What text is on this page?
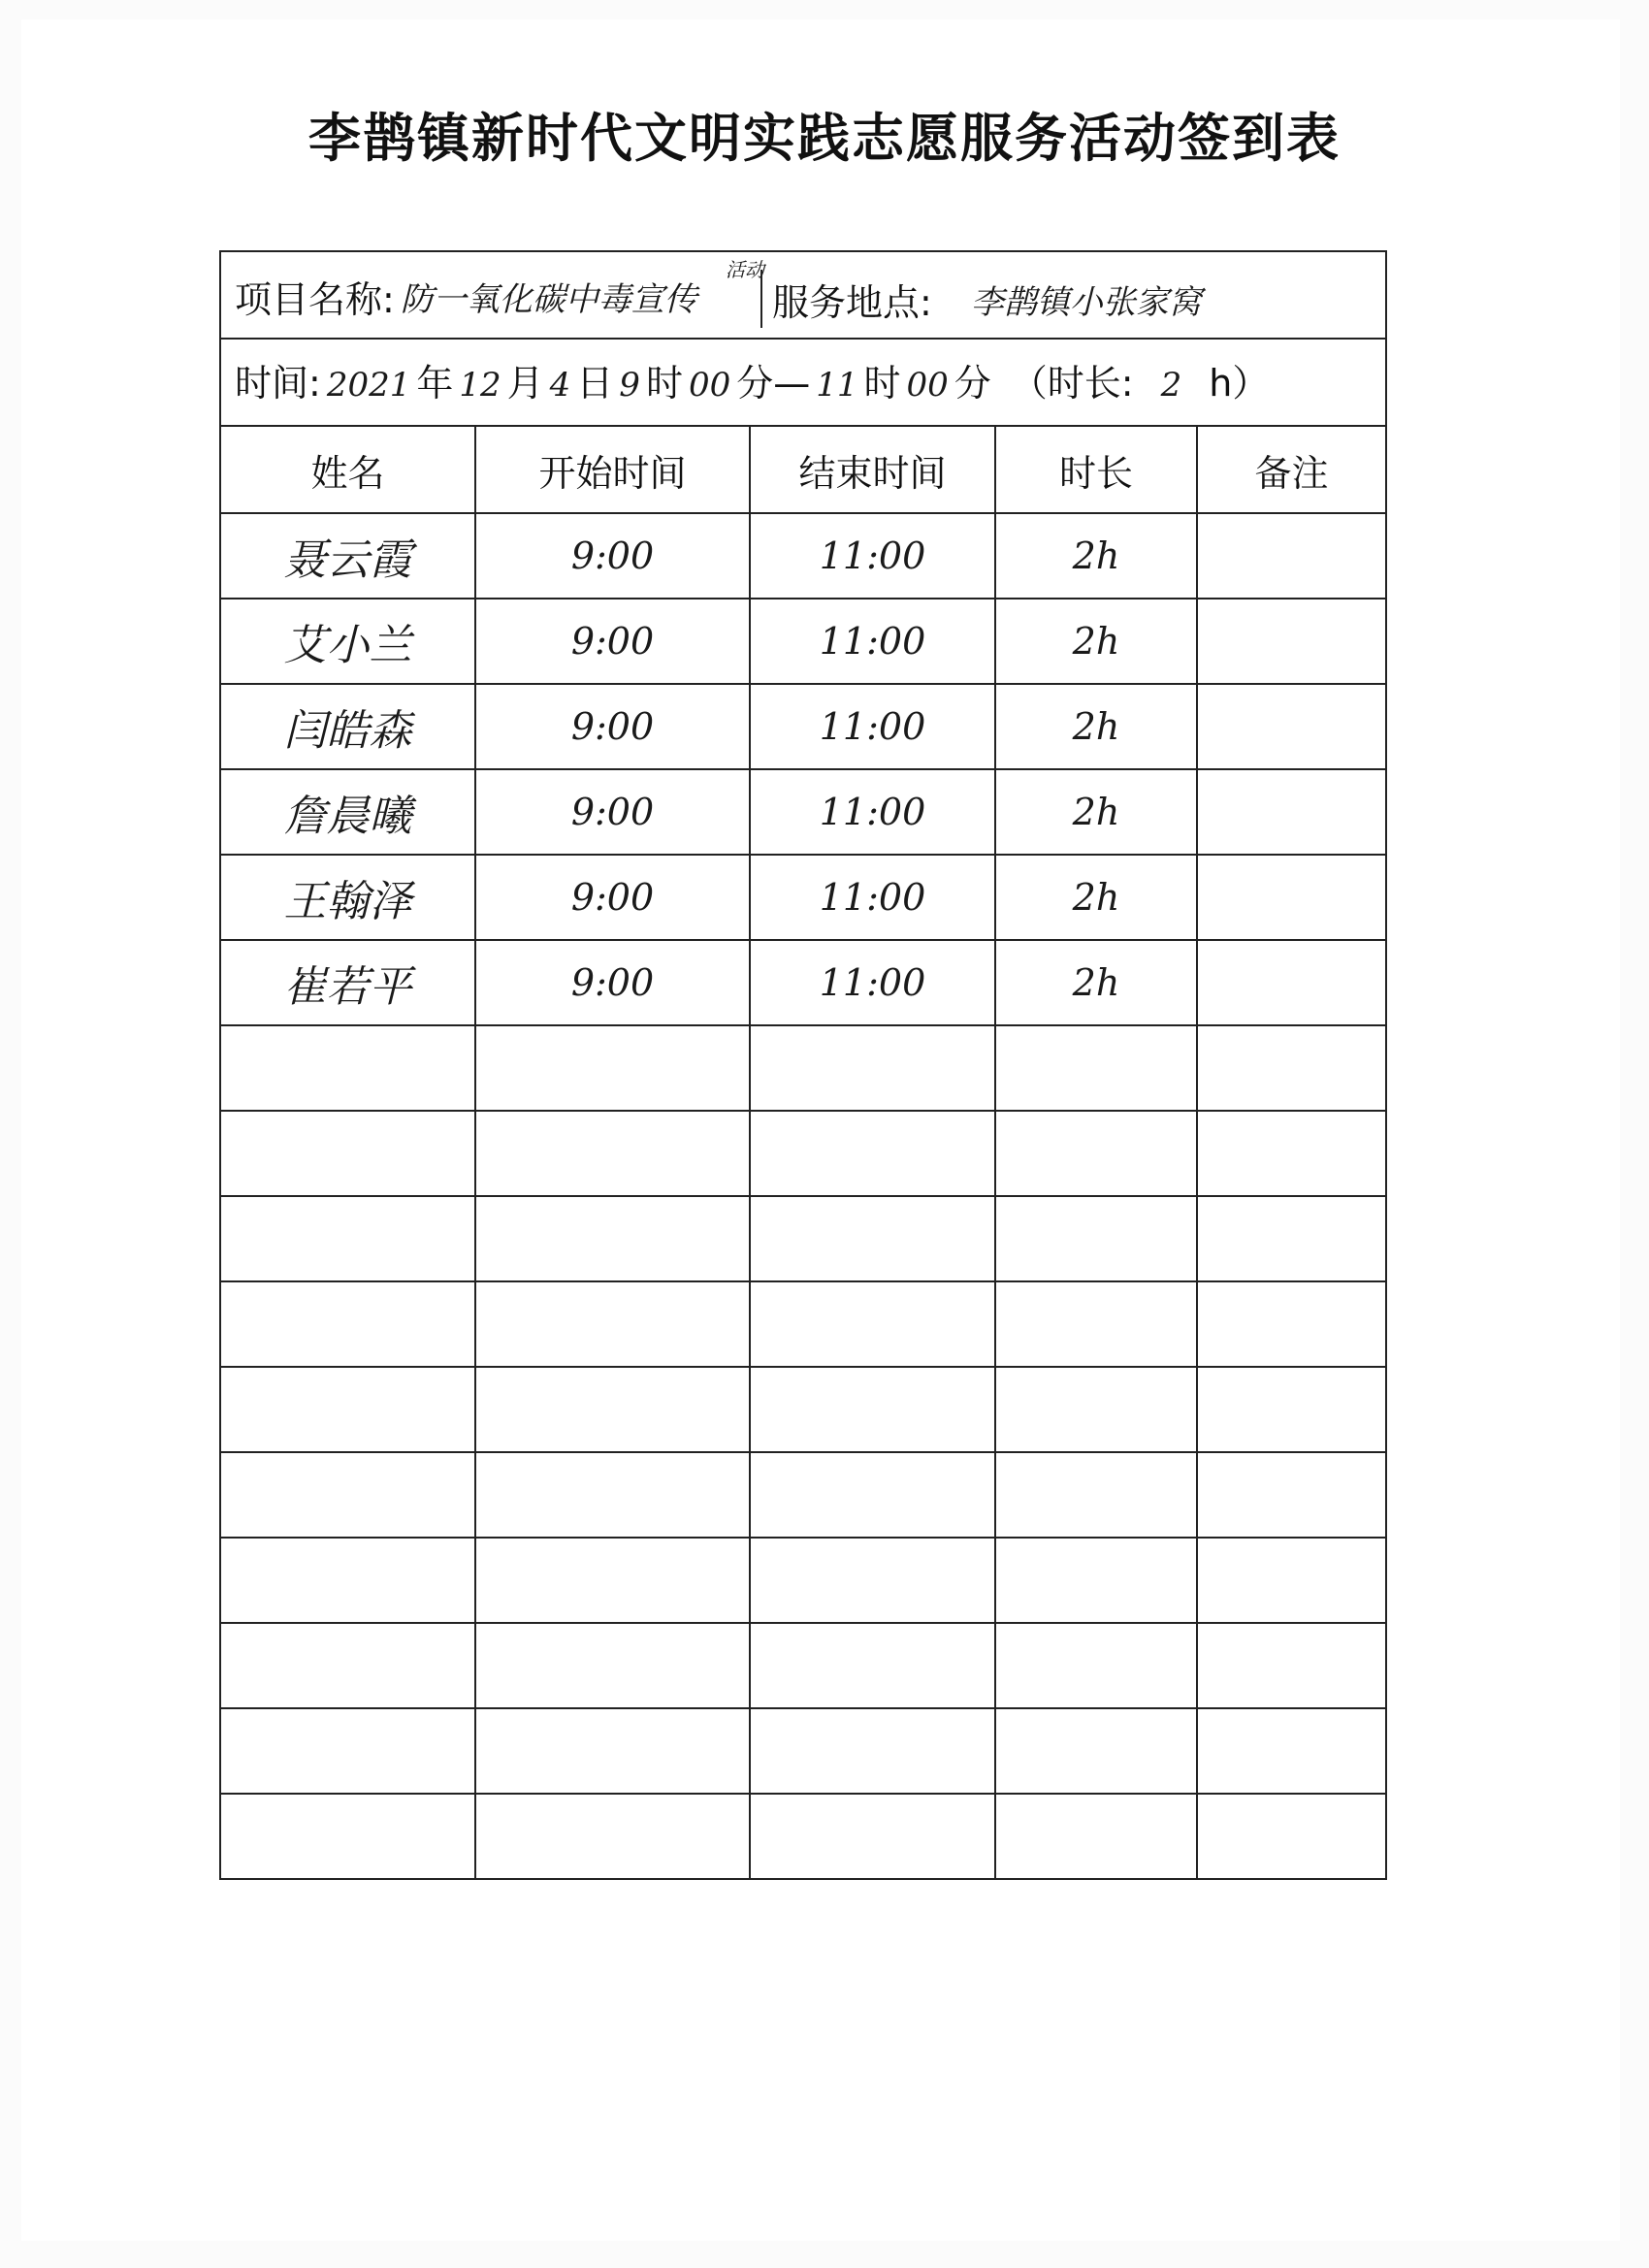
李鹊镇新时代文明实践志愿服务活动签到表
项目名称: 防一氧化碳中毒宣传
活动
服务地点: 李鹊镇小张家窝
时间: 2021 年 12 月 4 日 9 时 00 分— 11 时 00 分 （时长: 2 h）
姓名	开始时间	结束时间	时长	备注
聂云霞	9:00	11:00	2h	
艾小兰	9:00	11:00	2h	
闫皓森	9:00	11:00	2h	
詹晨曦	9:00	11:00	2h	
王翰泽	9:00	11:00	2h	
崔若平	9:00	11:00	2h	
